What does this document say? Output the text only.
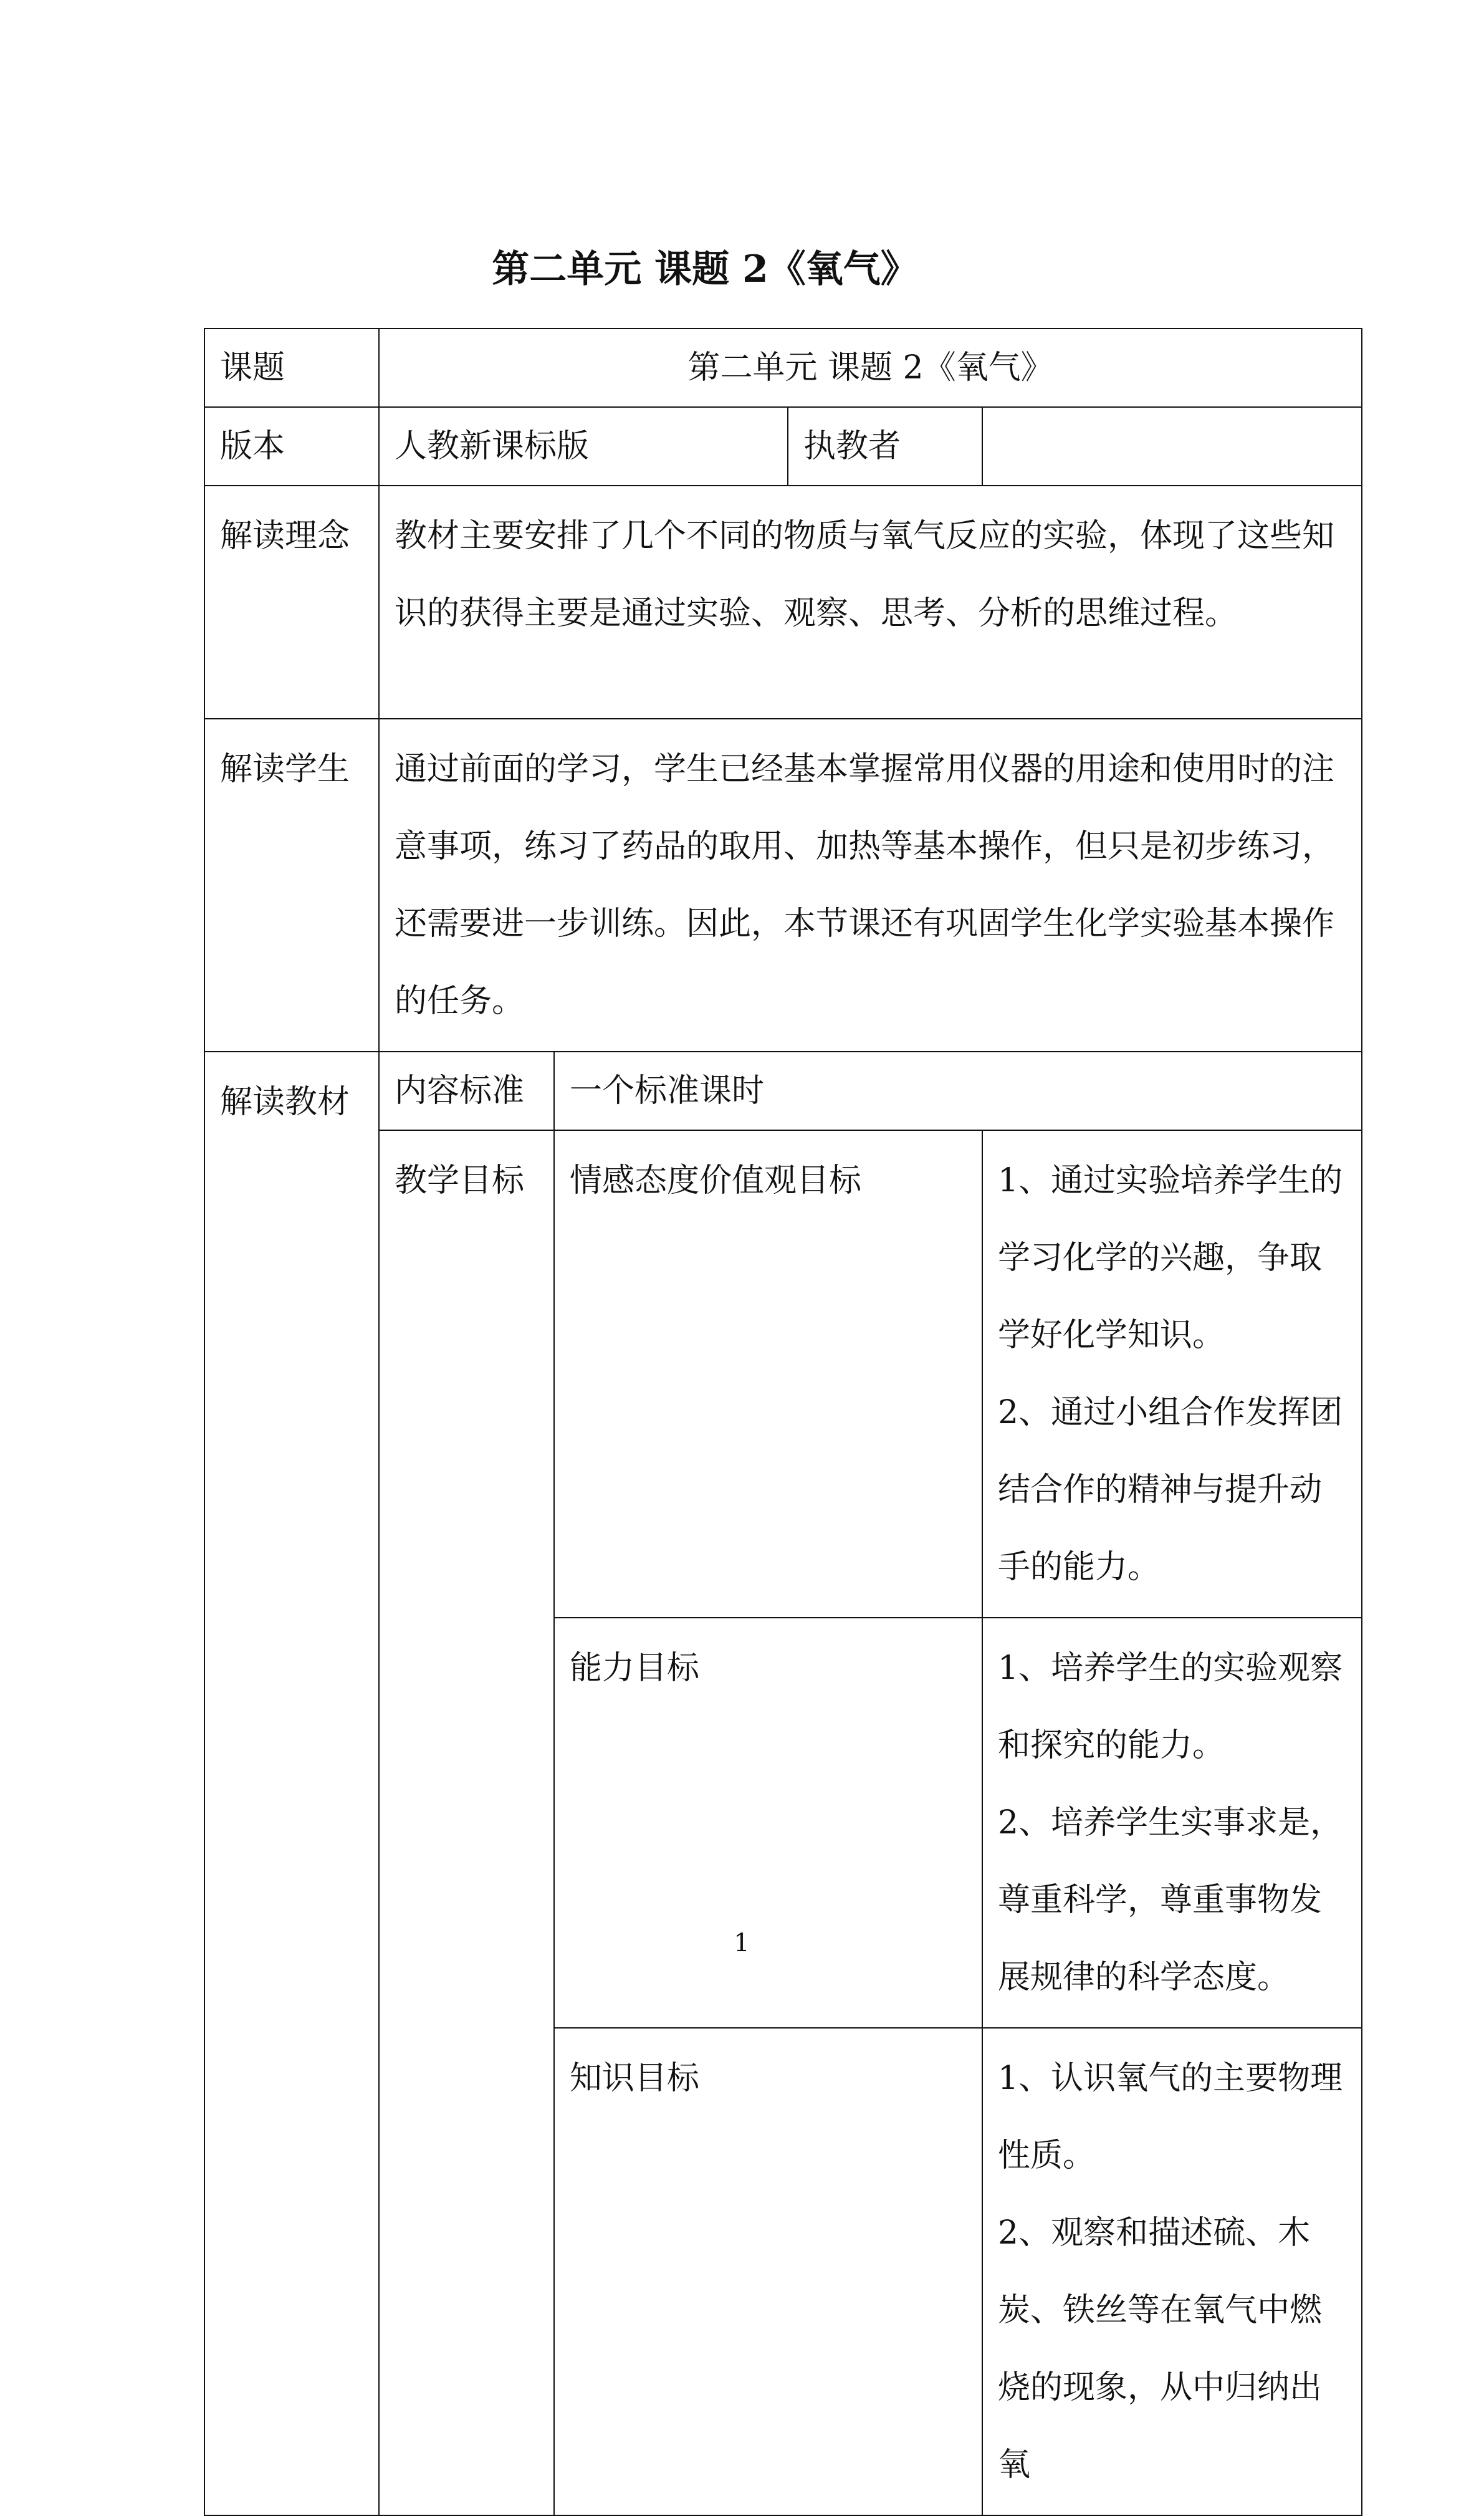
第二单元 课题 2《氧气》
课题	第二单元 课题 2《氧气》			
版本	人教新课标版		执教者	
解读理念	教材主要安排了几个不同的物质与氧气反应的实验，体现了这些知识的获得主要是通过实验、观察、思考、分析的思维过程。			
解读学生	通过前面的学习，学生已经基本掌握常用仪器的用途和使用时的注意事项，练习了药品的取用、加热等基本操作，但只是初步练习，还需要进一步训练。因此，本节课还有巩固学生化学实验基本操作的任务。			
解读教材	内容标准	一个标准课时		
	教学目标	情感态度价值观目标		1、通过实验培养学生的学习化学的兴趣，争取学好化学知识。
2、通过小组合作发挥团结合作的精神与提升动手的能力。

		能力目标		1、培养学生的实验观察和探究的能力。
2、培养学生实事求是，尊重科学，尊重事物发展规律的科学态度。

		知识目标		1、认识氧气的主要物理性质。
2、观察和描述硫、木炭、铁丝等在氧气中燃烧的现象，从中归纳出氧
1
